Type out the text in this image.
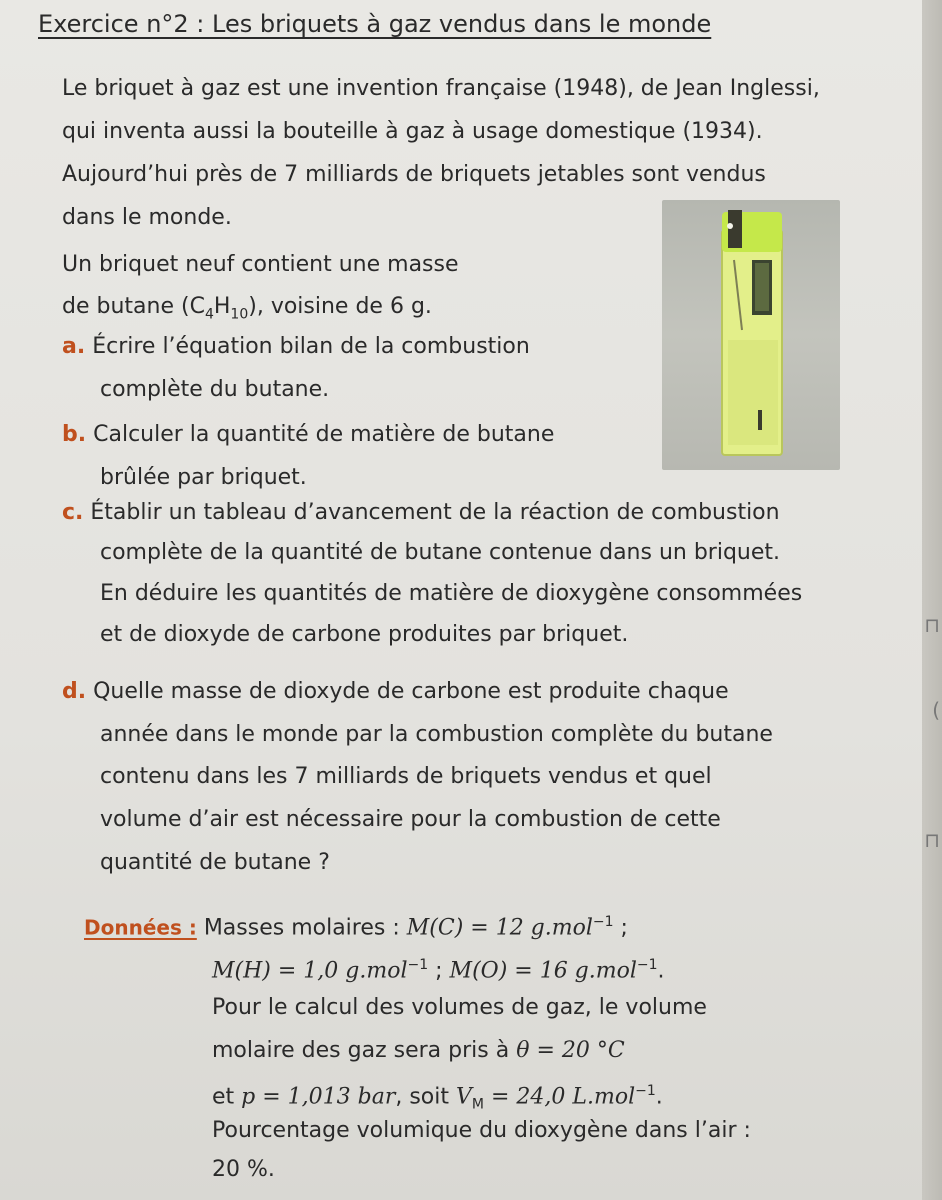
Exercice n°2 : Les briquets à gaz vendus dans le monde
Le briquet à gaz est une invention française (1948), de Jean Inglessi,
qui inventa aussi la bouteille à gaz à usage domestique (1934).
Aujourd’hui près de 7 milliards de briquets jetables sont vendus
dans le monde.
Un briquet neuf contient une masse
de butane $(C_4H_{10})$, voisine de 6 g.
a. Écrire l’équation bilan de la combustion
complète du butane.
b. Calculer la quantité de matière de butane
brûlée par briquet.
c. Établir un tableau d’avancement de la réaction de combustion
complète de la quantité de butane contenue dans un briquet.
En déduire les quantités de matière de dioxygène consommées
et de dioxyde de carbone produites par briquet.
d. Quelle masse de dioxyde de carbone est produite chaque
année dans le monde par la combustion complète du butane
contenu dans les 7 milliards de briquets vendus et quel
volume d’air est nécessaire pour la combustion de cette
quantité de butane ?
Données : Masses molaires : M(C) = 12 g.mol$^{-1}$ ;
M(H) = 1,0 g.mol$^{-1}$ ; M(O) = 16 g.mol$^{-1}$.
Pour le calcul des volumes de gaz, le volume
molaire des gaz sera pris à θ = 20 °C
et p = 1,013 bar, soit $V_M = 24,0$ L.mol$^{-1}$.
Pourcentage volumique du dioxygène dans l’air :
20 %.
⊓
(
⊓
